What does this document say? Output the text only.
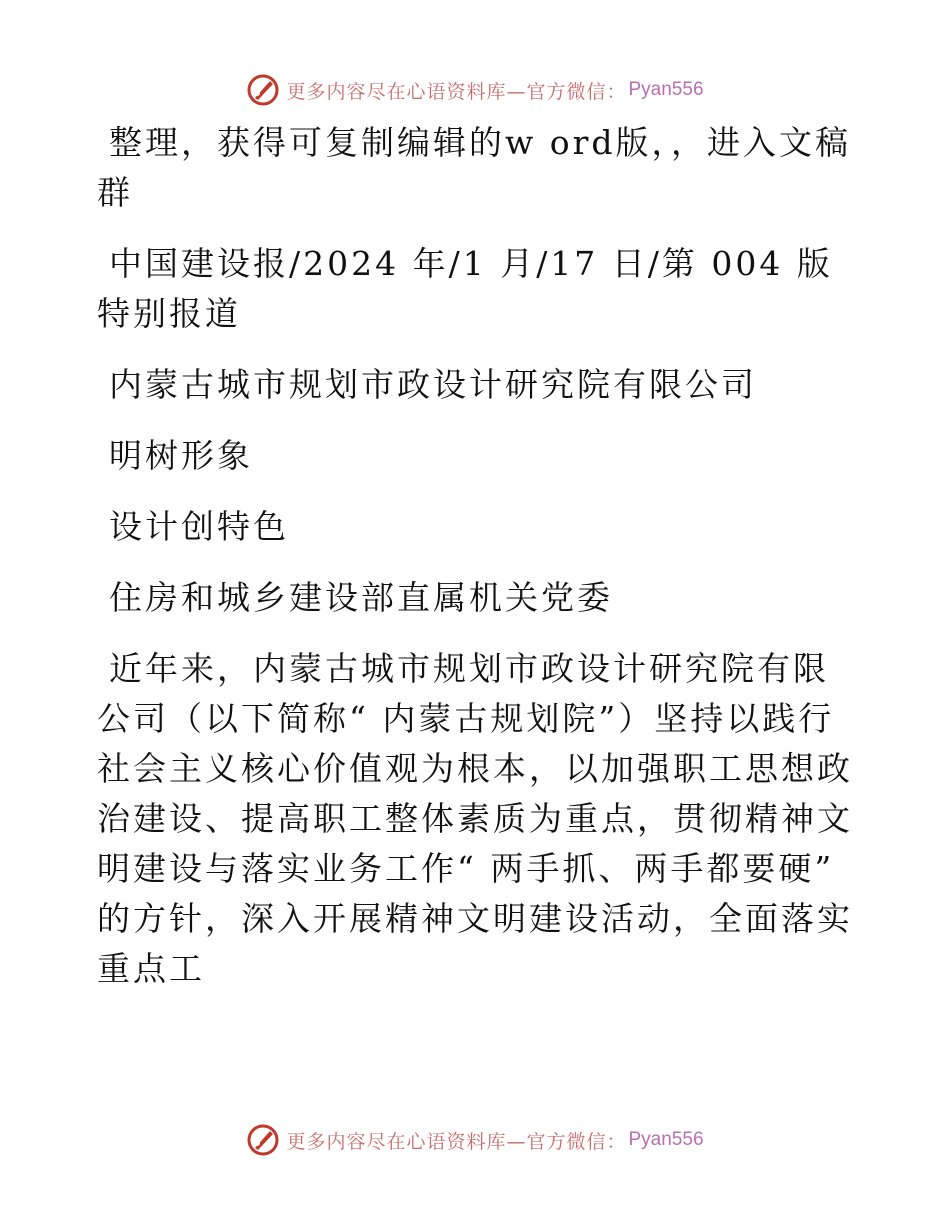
更多内容尽在心语资料库—官方微信： Pyan556

整理，获得可复制编辑的w ord版，，进入文稿群

中国建设报/2024 年/1 月/17 日/第 004 版特别报道

内蒙古城市规划市政设计研究院有限公司

明树形象

设计创特色

住房和城乡建设部直属机关党委

近年来，内蒙古城市规划市政设计研究院有限公司（以下简称“ 内蒙古规划院”）坚持以践行社会主义核心价值观为根本，以加强职工思想政治建设、提高职工整体素质为重点，贯彻精神文明建设与落实业务工作“ 两手抓、两手都要硬” 的方针，深入开展精神文明建设活动，全面落实重点工

更多内容尽在心语资料库—官方微信： Pyan556
